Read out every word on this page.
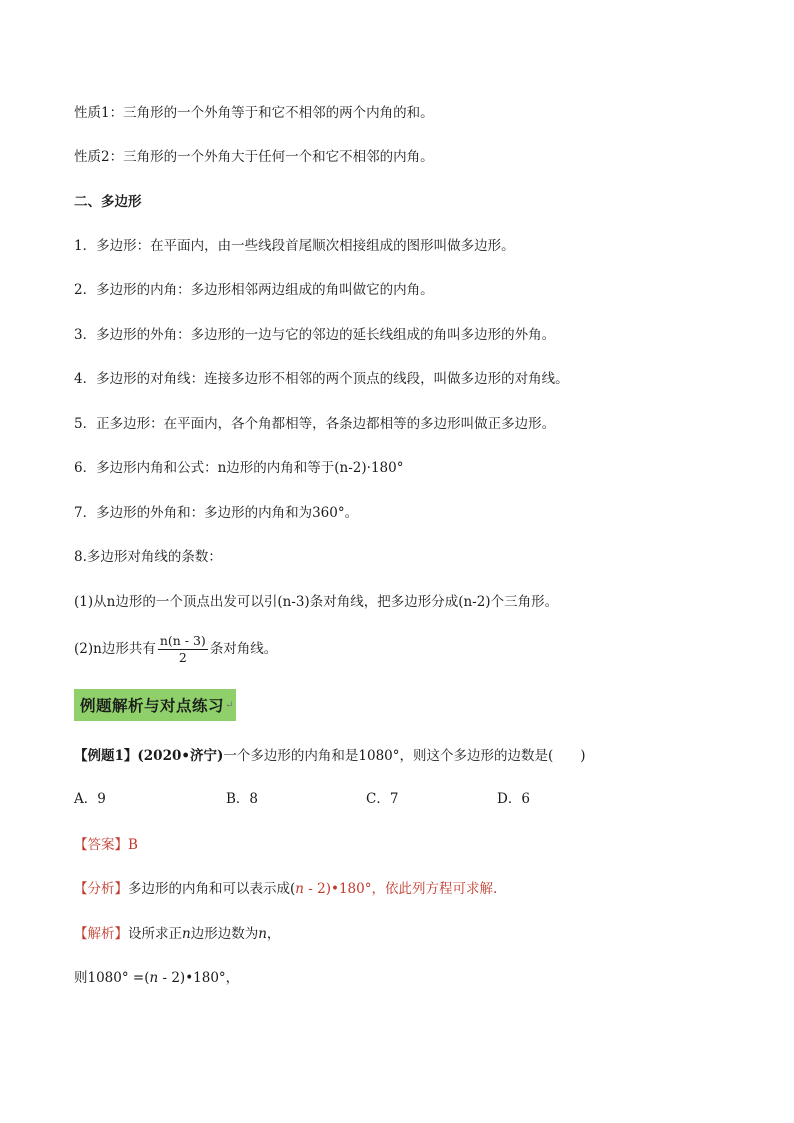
性质1：三角形的一个外角等于和它不相邻的两个内角的和。
性质2：三角形的一个外角大于任何一个和它不相邻的内角。
二、多边形
1．多边形：在平面内，由一些线段首尾顺次相接组成的图形叫做多边形。
2．多边形的内角：多边形相邻两边组成的角叫做它的内角。
3．多边形的外角：多边形的一边与它的邻边的延长线组成的角叫多边形的外角。
4．多边形的对角线：连接多边形不相邻的两个顶点的线段，叫做多边形的对角线。
5．正多边形：在平面内，各个角都相等，各条边都相等的多边形叫做正多边形。
6．多边形内角和公式：n边形的内角和等于(n-2)·180°
7．多边形的外角和：多边形的内角和为360°。
8.多边形对角线的条数：
(1)从n边形的一个顶点出发可以引(n-3)条对角线，把多边形分成(n-2)个三角形。
(2)n边形共有 $\frac{n(n - 3)}{2}$ 条对角线。
例题解析与对点练习 ↵
【例题1】(2020•济宁)一个多边形的内角和是1080°，则这个多边形的边数是(　　)
A．9	B．8	C．7	D．6
【答案】B
【分析】多边形的内角和可以表示成(n - 2)•180°，依此列方程可求解.
【解析】设所求正n边形边数为n，
则1080° =(n - 2)•180°，
